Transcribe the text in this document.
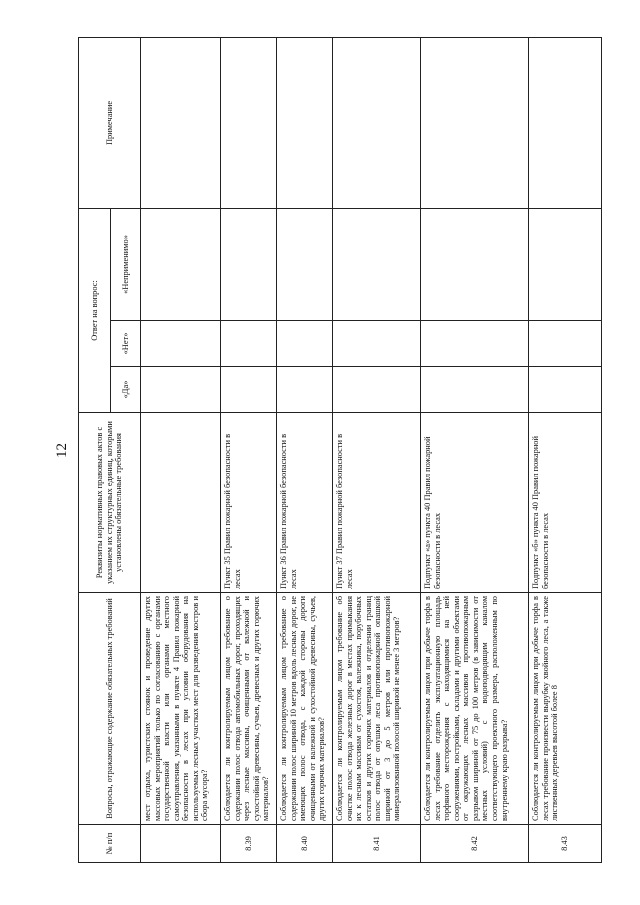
12
№ п/п	Вопросы, отражающие содержание обязательных требований	Реквизиты нормативных правовых актов с указанием их структурных единиц, которыми установлены обязательные требования	Ответ на вопрос:			Примечание
			«Да»	«Нет»	«Неприменимо»	
	мест отдыха, туристских стоянок и проведение других массовых мероприятий только по согласованию с органами государственной власти или органами местного самоуправления, указанными в пункте 4 Правил пожарной безопасности в лесах при условии оборудования на используемых лесных участках мест для разведения костров и сбора мусора?					
8.39	Соблюдается ли контролируемым лицом требование о содержании полос отвода автомобильных дорог, проходящих через лесные массивы, очищенными от валежной и сухостойной древесины, сучьев, древесных и других горючих материалов?	Пункт 35 Правил пожарной безопасности в лесах				
8.40	Соблюдается ли контролируемым лицом требование о содержании полос шириной 10 метров вдоль лесных дорог, не имеющих полос отвода, с каждой стороны дороги очищенными от валежной и сухостойной древесины, сучьев, других горючих материалов?	Пункт 36 Правил пожарной безопасности в лесах				
8.41	Соблюдается ли контролируемым лицом требование об очистке полос отвода железных дорог в местах примыкания их к лесным массивам от сухостоя, валежника, порубочных остатков и других горючих материалов и отделении границ полос отвода от опушки леса противопожарной опашкой шириной от 3 до 5 метров или противопожарной минерализованной полосой шириной не менее 3 метров?	Пункт 37 Правил пожарной безопасности в лесах				
8.42	Соблюдается ли контролируемым лицом при добыче торфа в лесах требование отделить эксплуатационную площадь торфяного месторождения с находящимися на ней сооружениями, постройками, складами и другими объектами от окружающих лесных массивов противопожарным разрывом шириной от 75 до 100 метров (в зависимости от местных условий) с водоподводящим каналом соответствующего проектного размера, расположенным по внутреннему краю разрыва?	Подпункт «а» пункта 40 Правил пожарной безопасности в лесах				
8.43	Соблюдается ли контролируемым лицом при добыче торфа в лесах требование произвести вырубку хвойного леса, а также лиственных деревьев высотой более 8	Подпункт «б» пункта 40 Правил пожарной безопасности в лесах				
